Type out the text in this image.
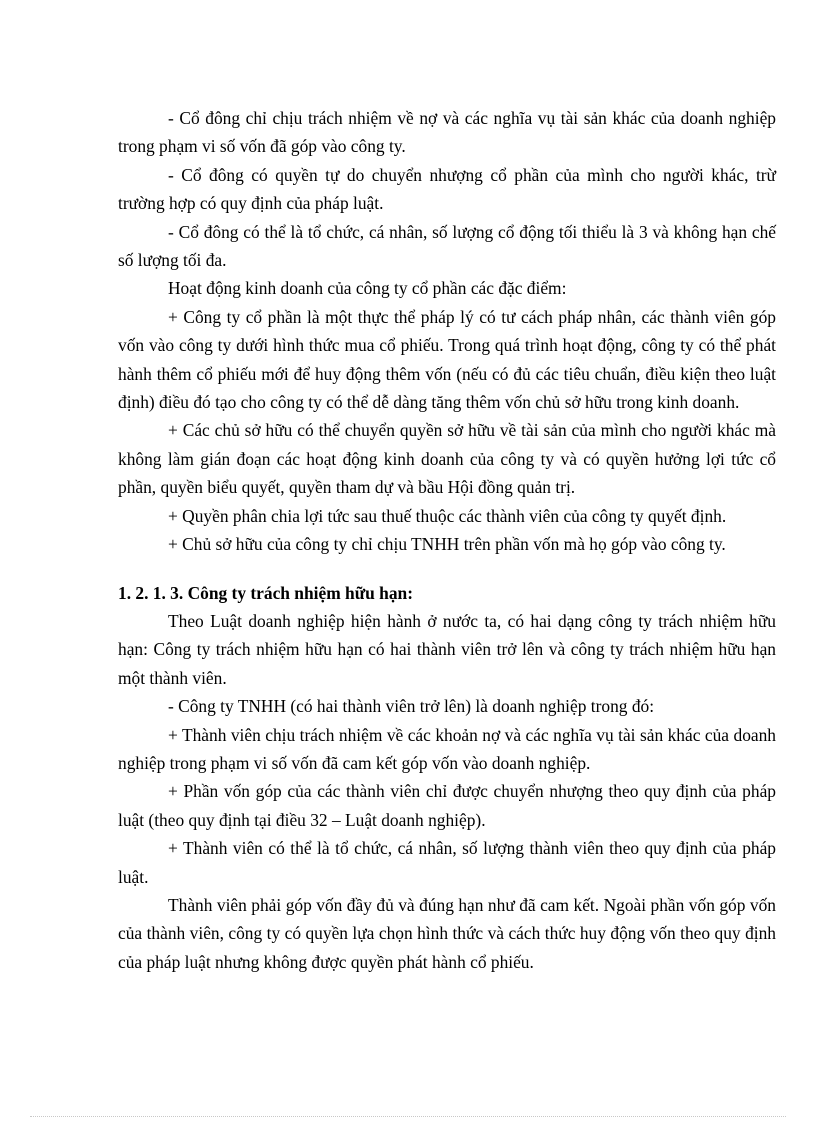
- Cổ đông chỉ chịu trách nhiệm về nợ và các nghĩa vụ tài sản khác của doanh nghiệp trong phạm vi số vốn đã góp vào công ty.

- Cổ đông có quyền tự do chuyển nhượng cổ phần của mình cho người khác, trừ trường hợp có quy định của pháp luật.

- Cổ đông có thể là tổ chức, cá nhân, số lượng cổ động tối thiểu là 3 và không hạn chế số lượng tối đa.

Hoạt động kinh doanh của công ty cổ phần các đặc điểm:

+ Công ty cổ phần là một thực thể pháp lý có tư cách pháp nhân, các thành viên góp vốn vào công ty dưới hình thức mua cổ phiếu. Trong quá trình hoạt động, công ty có thể phát hành thêm cổ phiếu mới để huy động thêm vốn (nếu có đủ các tiêu chuẩn, điều kiện theo luật định) điều đó tạo cho công ty có thể dễ dàng tăng thêm vốn chủ sở hữu trong kinh doanh.

+ Các chủ sở hữu có thể chuyển quyền sở hữu về tài sản của mình cho người khác mà không làm gián đoạn các hoạt động kinh doanh của công ty và có quyền hưởng lợi tức cổ phần, quyền biểu quyết, quyền tham dự và bầu Hội đồng quản trị.

+ Quyền phân chia lợi tức sau thuế thuộc các thành viên của công ty quyết định.

+ Chủ sở hữu của công ty chỉ chịu TNHH trên phần vốn mà họ góp vào công ty.

1. 2. 1. 3. Công ty trách nhiệm hữu hạn:

Theo Luật doanh nghiệp hiện hành ở nước ta, có hai dạng công ty trách nhiệm hữu hạn: Công ty trách nhiệm hữu hạn có hai thành viên trở lên và công ty trách nhiệm hữu hạn một thành viên.

- Công ty TNHH (có hai thành viên trở lên) là doanh nghiệp trong đó:

+ Thành viên chịu trách nhiệm về các khoản nợ và các nghĩa vụ tài sản khác của doanh nghiệp trong phạm vi số vốn đã cam kết góp vốn vào doanh nghiệp.

+ Phần vốn góp của các thành viên chỉ được chuyển nhượng theo quy định của pháp luật (theo quy định tại điều 32 – Luật doanh nghiệp).

+ Thành viên có thể là tổ chức, cá nhân, số lượng thành viên theo quy định của pháp luật.

Thành viên phải góp vốn đầy đủ và đúng hạn như đã cam kết. Ngoài phần vốn góp vốn của thành viên, công ty có quyền lựa chọn hình thức và cách thức huy động vốn theo quy định của pháp luật nhưng không được quyền phát hành cổ phiếu.
